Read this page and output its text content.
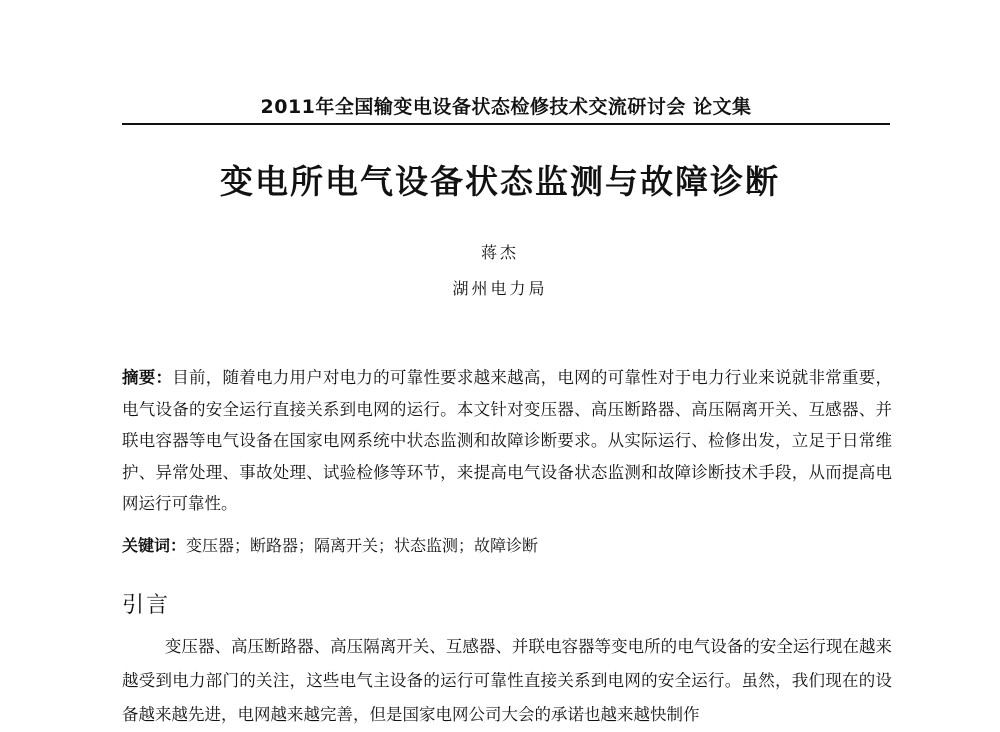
2011年全国输变电设备状态检修技术交流研讨会 论文集
变电所电气设备状态监测与故障诊断
蒋杰
湖州电力局

摘要：目前，随着电力用户对电力的可靠性要求越来越高，电网的可靠性对于电力行业来说就非常重要，电气设备的安全运行直接关系到电网的运行。本文针对变压器、高压断路器、高压隔离开关、互感器、并联电容器等电气设备在国家电网系统中状态监测和故障诊断要求。从实际运行、检修出发，立足于日常维护、异常处理、事故处理、试验检修等环节，来提高电气设备状态监测和故障诊断技术手段，从而提高电网运行可靠性。

关键词：变压器；断路器；隔离开关；状态监测；故障诊断

引言

变压器、高压断路器、高压隔离开关、互感器、并联电容器等变电所的电气设备的安全运行现在越来越受到电力部门的关注，这些电气主设备的运行可靠性直接关系到电网的安全运行。虽然，我们现在的设备越来越先进，电网越来越完善，但是国家电网公司大会的承诺也越来越快制作
